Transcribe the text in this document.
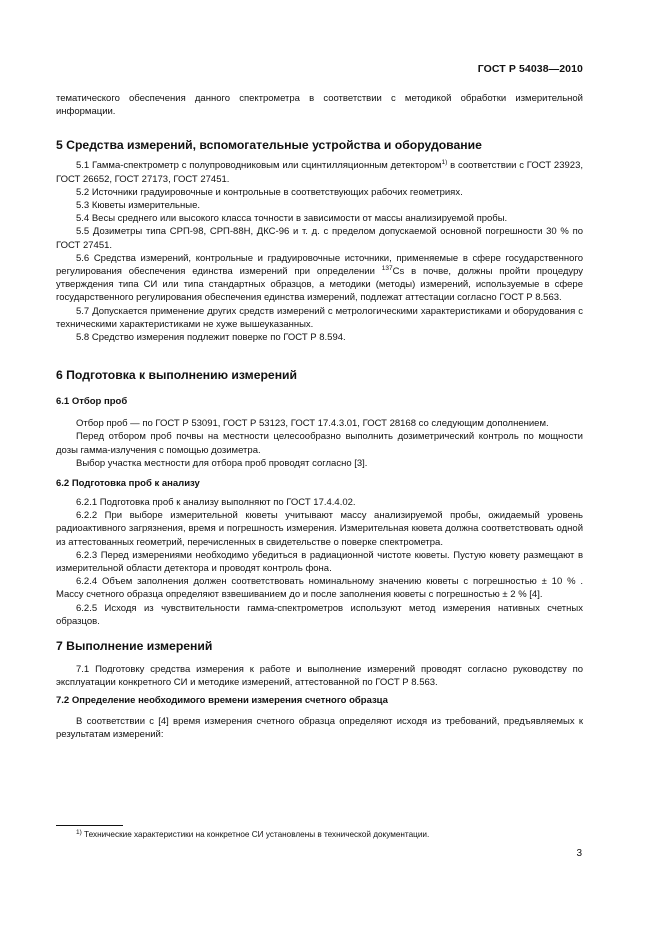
ГОСТ Р 54038—2010

тематического обеспечения данного спектрометра в соответствии с методикой обработки измерительной информации.

5 Средства измерений, вспомогательные устройства и оборудование

5.1 Гамма-спектрометр с полупроводниковым или сцинтилляционным детектором$^{1)}$ в соответствии с ГОСТ 23923, ГОСТ 26652, ГОСТ 27173, ГОСТ 27451.

5.2 Источники градуировочные и контрольные в соответствующих рабочих геометриях.

5.3 Кюветы измерительные.

5.4 Весы среднего или высокого класса точности в зависимости от массы анализируемой пробы.

5.5 Дозиметры типа СРП-98, СРП-88Н, ДКС-96 и т. д. с пределом допускаемой основной погрешности 30 % по ГОСТ 27451.

5.6 Средства измерений, контрольные и градуировочные источники, применяемые в сфере государственного регулирования обеспечения единства измерений при определении $^{137}$Cs в почве, должны пройти процедуру утверждения типа СИ или типа стандартных образцов, а методики (методы) измерений, используемые в сфере государственного регулирования обеспечения единства измерений, подлежат аттестации согласно ГОСТ Р 8.563.

5.7 Допускается применение других средств измерений с метрологическими характеристиками и оборудования с техническими характеристиками не хуже вышеуказанных.

5.8 Средство измерения подлежит поверке по ГОСТ Р 8.594.

6 Подготовка к выполнению измерений
6.1 Отбор проб

Отбор проб — по ГОСТ Р 53091, ГОСТ Р 53123, ГОСТ 17.4.3.01, ГОСТ 28168 со следующим дополнением.

Перед отбором проб почвы на местности целесообразно выполнить дозиметрический контроль по мощности дозы гамма-излучения с помощью дозиметра.

Выбор участка местности для отбора проб проводят согласно [3].

6.2 Подготовка проб к анализу

6.2.1 Подготовка проб к анализу выполняют по ГОСТ 17.4.4.02.

6.2.2 При выборе измерительной кюветы учитывают массу анализируемой пробы, ожидаемый уровень радиоактивного загрязнения, время и погрешность измерения. Измерительная кювета должна соответствовать одной из аттестованных геометрий, перечисленных в свидетельстве о поверке спектрометра.

6.2.3 Перед измерениями необходимо убедиться в радиационной чистоте кюветы. Пустую кювету размещают в измерительной области детектора и проводят контроль фона.

6.2.4 Объем заполнения должен соответствовать номинальному значению кюветы с погрешностью ± 10 % . Массу счетного образца определяют взвешиванием до и после заполнения кюветы с погрешностью ± 2 % [4].

6.2.5 Исходя из чувствительности гамма-спектрометров используют метод измерения нативных счетных образцов.

7 Выполнение измерений

7.1 Подготовку средства измерения к работе и выполнение измерений проводят согласно руководству по эксплуатации конкретного СИ и методике измерений, аттестованной по ГОСТ Р 8.563.

7.2 Определение необходимого времени измерения счетного образца

В соответствии с [4] время измерения счетного образца определяют исходя из требований, предъявляемых к результатам измерений:

$^{1)}$ Технические характеристики на конкретное СИ установлены в технической документации.
3
